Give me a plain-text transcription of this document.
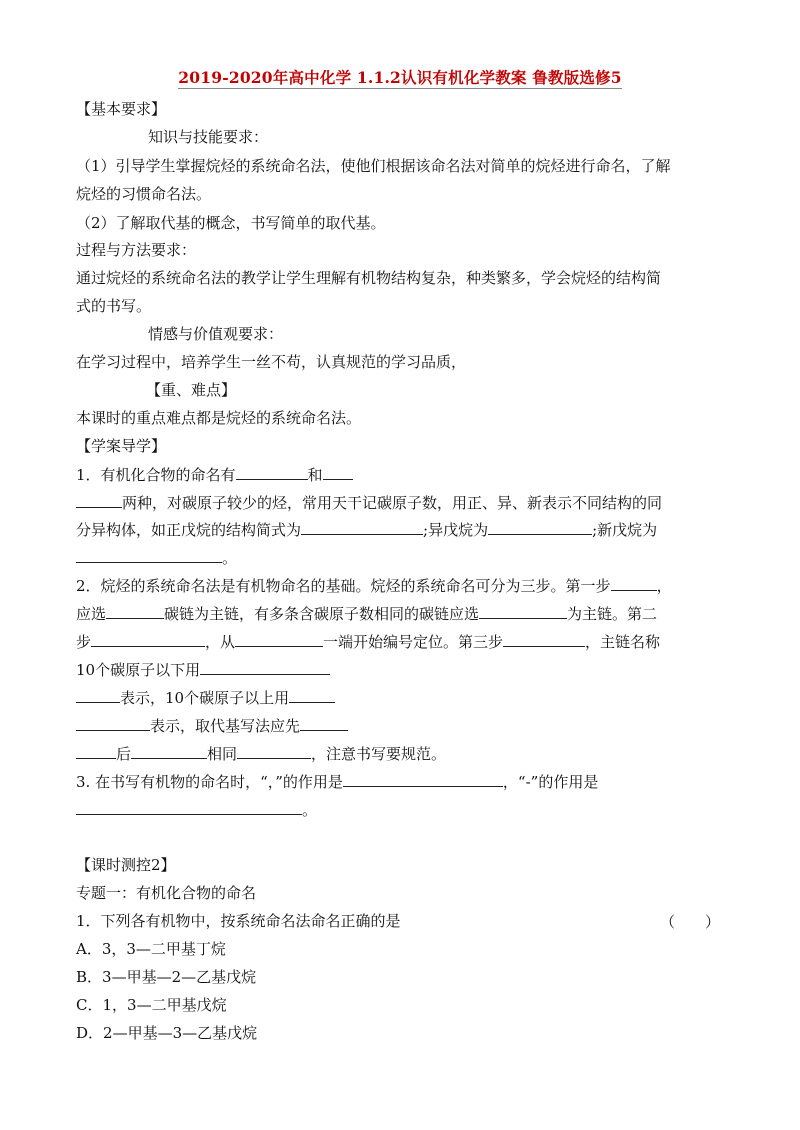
2019-2020年高中化学 1.1.2认识有机化学教案 鲁教版选修5
【基本要求】
知识与技能要求：
（1）引导学生掌握烷烃的系统命名法，使他们根据该命名法对简单的烷烃进行命名，了解
烷烃的习惯命名法。
（2）了解取代基的概念，书写简单的取代基。
过程与方法要求：
通过烷烃的系统命名法的教学让学生理解有机物结构复杂，种类繁多，学会烷烃的结构简
式的书写。
情感与价值观要求：
在学习过程中，培养学生一丝不苟，认真规范的学习品质，
【重、难点】
本课时的重点难点都是烷烃的系统命名法。
【学案导学】
1．有机化合物的命名有	和
两种，对碳原子较少的烃，常用天干记碳原子数，用正、异、新表示不同结构的同
分异构体，如正戊烷的结构简式为	;异戊烷为	;新戊烷为
。
2．烷烃的系统命名法是有机物命名的基础。烷烃的系统命名可分为三步。第一步	，
应选	碳链为主链，有多条含碳原子数相同的碳链应选	为主链。第二
步	，从	一端开始编号定位。第三步	，主链名称
10个碳原子以下用
表示，10个碳原子以上用
表示，取代基写法应先
后	相同	，注意书写要规范。
3. 在书写有机物的命名时，“，”的作用是	，“-”的作用是
。
【课时测控2】
专题一：有机化合物的命名
1．下列各有机物中，按系统命名法命名正确的是	（　　）
A．3，3—二甲基丁烷
B．3—甲基—2—乙基戊烷
C．1，3—二甲基戊烷
D．2—甲基—3—乙基戊烷
